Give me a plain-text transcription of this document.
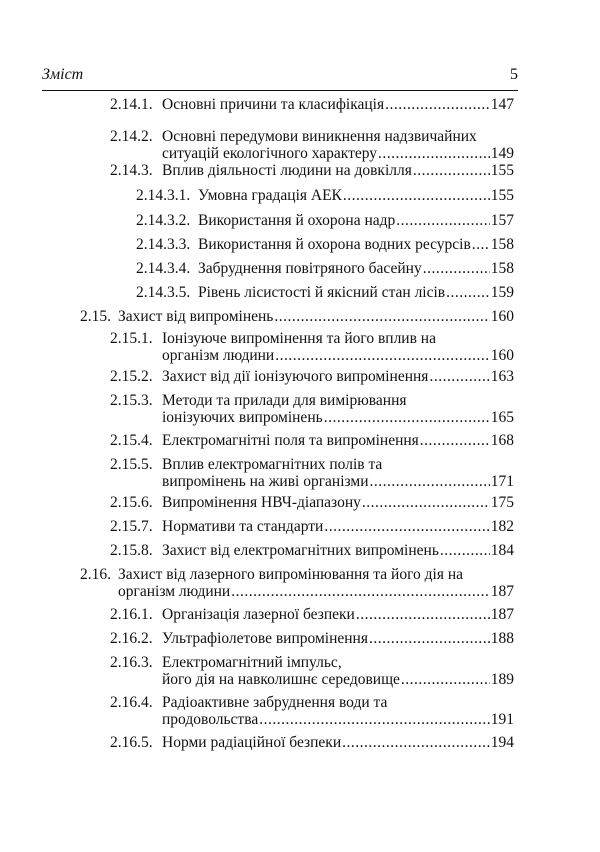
Зміст	5
2.14.1. Основні причини та класифікація .....	147
2.14.2. Основні передумови виникнення надзвичайних
ситуацій екологічного характеру .....	149
2.14.3. Вплив діяльності людини на довкілля .....	155
2.14.3.1. Умовна градація АЕК .....	155
2.14.3.2. Використання й охорона надр .....	157
2.14.3.3. Використання й охорона водних ресурсів ..... 158
2.14.3.4. Забруднення повітряного басейну .....	158
2.14.3.5. Рівень лісистості й якісний стан лісів .....	159
2.15. Захист від випромінень .....	160
2.15.1. Іонізуюче випромінення та його вплив на
організм людини .....	160
2.15.2. Захист від дії іонізуючого випромінення .....	163
2.15.3. Методи та прилади для вимірювання
іонізуючих випромінень .....	165
2.15.4. Електромагнітні поля та випромінення .....	168
2.15.5. Вплив електромагнітних полів та
випромінень на живі організми .....	171
2.15.6. Випромінення НВЧ-діапазону .....	175
2.15.7. Нормативи та стандарти .....	182
2.15.8. Захист від електромагнітних випромінень .....	184
2.16. Захист від лазерного випромінювання та його дія на
організм людини .....	187
2.16.1. Організація лазерної безпеки .....	187
2.16.2. Ультрафіолетове випромінення .....	188
2.16.3. Електромагнітний імпульс,
його дія на навколишнє середовище .....	189
2.16.4. Радіоактивне забруднення води та
продовольства .....	191
2.16.5. Норми радіаційної безпеки .....	194
